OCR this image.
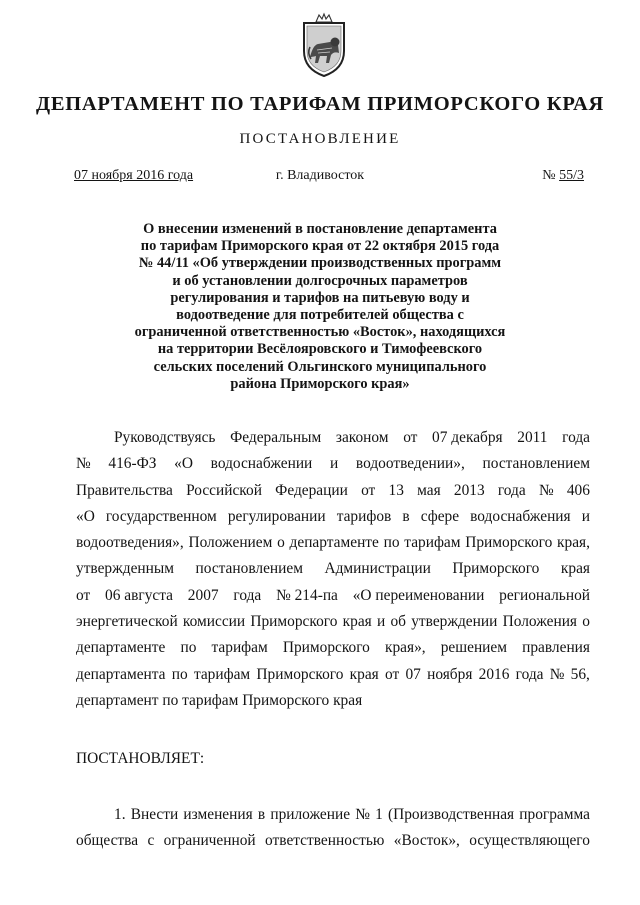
ДЕПАРТАМЕНТ ПО ТАРИФАМ ПРИМОРСКОГО КРАЯ
ПОСТАНОВЛЕНИЕ
07 ноября 2016 года	г. Владивосток	№ 55/3
О внесении изменений в постановление департамента
по тарифам Приморского края от 22 октября 2015 года
№ 44/11 «Об утверждении производственных программ
и об установлении долгосрочных параметров
регулирования и тарифов на питьевую воду и
водоотведение для потребителей общества с
ограниченной ответственностью «Восток», находящихся
на территории Весёлояровского и Тимофеевского
сельских поселений Ольгинского муниципального
района Приморского края»
Руководствуясь Федеральным законом от 07 декабря 2011 года
№ 416-ФЗ «О водоснабжении и водоотведении», постановлением
Правительства Российской Федерации от 13 мая 2013 года № 406
«О государственном регулировании тарифов в сфере водоснабжения и
водоотведения», Положением о департаменте по тарифам Приморского края,
утвержденным постановлением Администрации Приморского края
от 06 августа 2007 года № 214-па «О переименовании региональной
энергетической комиссии Приморского края и об утверждении Положения о
департаменте по тарифам Приморского края», решением правления
департамента по тарифам Приморского края от 07 ноября 2016 года № 56,
департамент по тарифам Приморского края
ПОСТАНОВЛЯЕТ:
1. Внести изменения в приложение № 1 (Производственная программа
общества с ограниченной ответственностью «Восток», осуществляющего
